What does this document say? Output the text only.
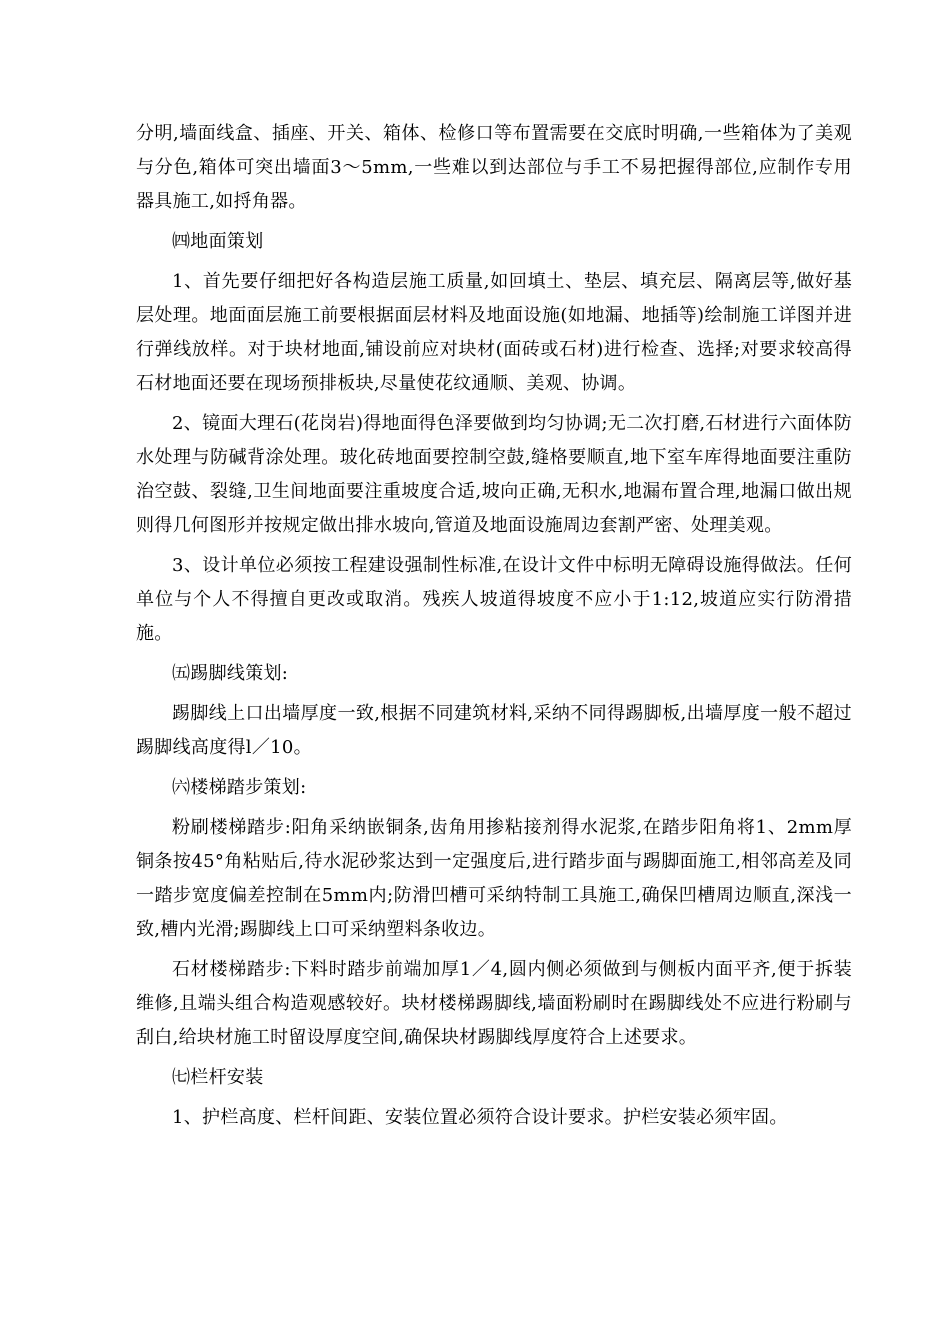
分明,墙面线盒、插座、开关、箱体、检修口等布置需要在交底时明确,一些箱体为了美观与分色,箱体可突出墙面3～5mm,一些难以到达部位与手工不易把握得部位,应制作专用器具施工,如捋角器。

㈣地面策划

1、首先要仔细把好各构造层施工质量,如回填土、垫层、填充层、隔离层等,做好基层处理。地面面层施工前要根据面层材料及地面设施(如地漏、地插等)绘制施工详图并进行弹线放样。对于块材地面,铺设前应对块材(面砖或石材)进行检查、选择;对要求较高得石材地面还要在现场预排板块,尽量使花纹通顺、美观、协调。

2、镜面大理石(花岗岩)得地面得色泽要做到均匀协调;无二次打磨,石材进行六面体防水处理与防碱背涂处理。玻化砖地面要控制空鼓,缝格要顺直,地下室车库得地面要注重防治空鼓、裂缝,卫生间地面要注重坡度合适,坡向正确,无积水,地漏布置合理,地漏口做出规则得几何图形并按规定做出排水坡向,管道及地面设施周边套割严密、处理美观。

3、设计单位必须按工程建设强制性标准,在设计文件中标明无障碍设施得做法。任何单位与个人不得擅自更改或取消。残疾人坡道得坡度不应小于1:12,坡道应实行防滑措施。

㈤踢脚线策划:

踢脚线上口出墙厚度一致,根据不同建筑材料,采纳不同得踢脚板,出墙厚度一般不超过踢脚线高度得l／10。

㈥楼梯踏步策划:

粉刷楼梯踏步:阳角采纳嵌铜条,齿角用掺粘接剂得水泥浆,在踏步阳角将1、2mm厚铜条按45°角粘贴后,待水泥砂浆达到一定强度后,进行踏步面与踢脚面施工,相邻高差及同一踏步宽度偏差控制在5mm内;防滑凹槽可采纳特制工具施工,确保凹槽周边顺直,深浅一致,槽内光滑;踢脚线上口可采纳塑料条收边。

石材楼梯踏步:下料时踏步前端加厚1／4,圆内侧必须做到与侧板内面平齐,便于拆装维修,且端头组合构造观感较好。块材楼梯踢脚线,墙面粉刷时在踢脚线处不应进行粉刷与刮白,给块材施工时留设厚度空间,确保块材踢脚线厚度符合上述要求。

㈦栏杆安装

1、护栏高度、栏杆间距、安装位置必须符合设计要求。护栏安装必须牢固。
